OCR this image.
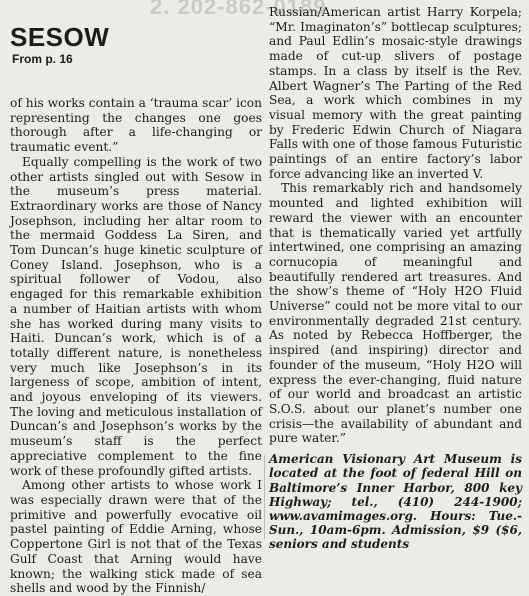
2. 202-862-0189
SESOW
From p. 16

of his works contain a ‘trauma scar’ icon representing the changes one goes thorough after a life-changing or traumatic event.”

Equally compelling is the work of two other artists singled out with Sesow in the museum’s press material. Extraordinary works are those of Nancy Josephson, including her altar room to the mermaid Goddess La Siren, and Tom Duncan’s huge kinetic sculpture of Coney Island. Josephson, who is a spiritual follower of Vodou, also engaged for this remarkable exhibition a number of Haitian artists with whom she has worked during many visits to Haiti. Duncan’s work, which is of a totally different nature, is nonetheless very much like Josephson’s in its largeness of scope, ambition of intent, and joyous enveloping of its viewers. The loving and meticulous installation of Duncan’s and Josephson’s works by the museum’s staff is the perfect appreciative complement to the fine work of these profoundly gifted artists.

Among other artists to whose work I was especially drawn were that of the primitive and powerfully evocative oil pastel painting of Eddie Arning, whose Coppertone Girl is not that of the Texas Gulf Coast that Arning would have known; the walking stick made of sea shells and wood by the Finnish/

Russian/American artist Harry Korpela; “Mr. Imaginaton’s” bottlecap sculptures; and Paul Edlin’s mosaic-style drawings made of cut-up slivers of postage stamps. In a class by itself is the Rev. Albert Wagner’s The Parting of the Red Sea, a work which combines in my visual memory with the great painting by Frederic Edwin Church of Niagara Falls with one of those famous Futuristic paintings of an entire factory’s labor force advancing like an inverted V.

This remarkably rich and handsomely mounted and lighted exhibition will reward the viewer with an encounter that is thematically varied yet artfully intertwined, one comprising an amazing cornucopia of meaningful and beautifully rendered art treasures. And the show’s theme of “Holy H2O Fluid Universe” could not be more vital to our environmentally degraded 21st century. As noted by Rebecca Hoffberger, the inspired (and inspiring) director and founder of the museum, “Holy H2O will express the ever-changing, fluid nature of our world and broadcast an artistic S.O.S. about our planet’s number one crisis—the availability of abundant and pure water.”

American Visionary Art Museum is located at the foot of federal Hill on Baltimore’s Inner Harbor, 800 key Highway; tel., (410) 244-1900; www.avamimages.org. Hours: Tue.-Sun., 10am-6pm. Admission, $9 ($6, seniors and students
